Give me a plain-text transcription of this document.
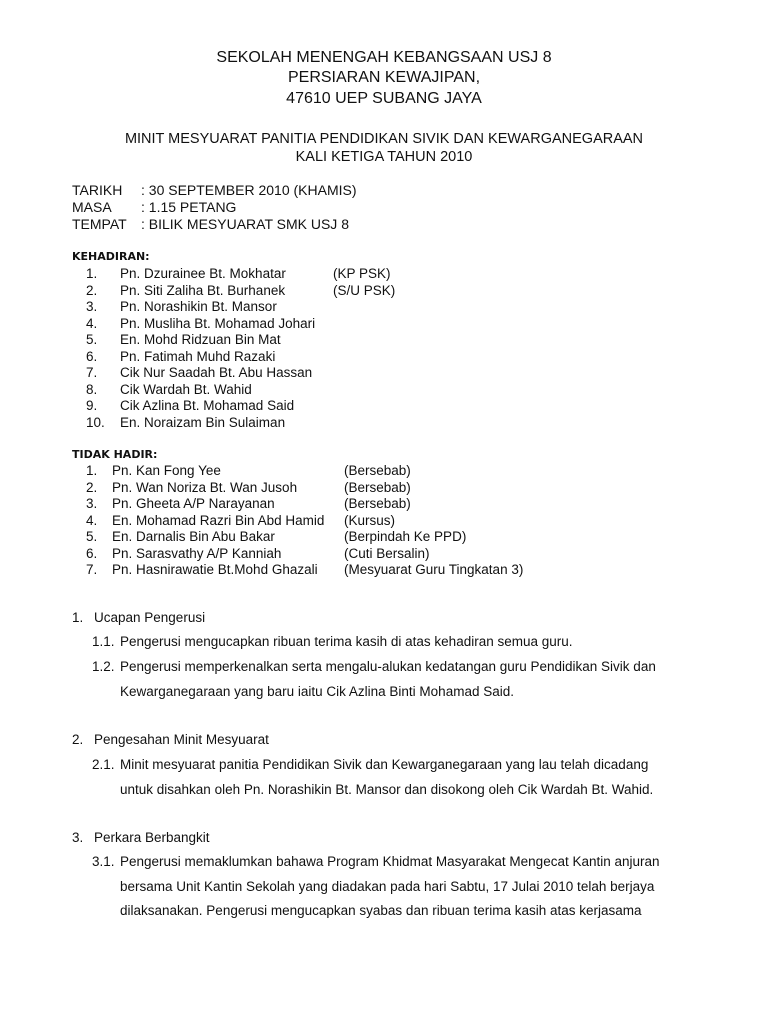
SEKOLAH MENENGAH KEBANGSAAN USJ 8
PERSIARAN KEWAJIPAN,
47610 UEP SUBANG JAYA
MINIT MESYUARAT PANITIA PENDIDIKAN SIVIK DAN KEWARGANEGARAAN
KALI KETIGA TAHUN 2010
TARIKH	: 30 SEPTEMBER 2010 (KHAMIS)
MASA	: 1.15 PETANG
TEMPAT	: BILIK MESYUARAT SMK USJ 8
KEHADIRAN:
1.	Pn. Dzurainee Bt. Mokhatar	(KP PSK)
2.	Pn. Siti Zaliha Bt. Burhanek	(S/U PSK)
3.	Pn. Norashikin Bt. Mansor
4.	Pn. Musliha Bt. Mohamad Johari
5.	En. Mohd Ridzuan Bin Mat
6.	Pn. Fatimah Muhd Razaki
7.	Cik Nur Saadah Bt. Abu Hassan
8.	Cik Wardah Bt. Wahid
9.	Cik Azlina Bt. Mohamad Said
10.	En. Noraizam Bin Sulaiman
TIDAK HADIR:
1.	Pn. Kan Fong Yee	(Bersebab)
2.	Pn. Wan Noriza Bt. Wan Jusoh	(Bersebab)
3.	Pn. Gheeta A/P Narayanan	(Bersebab)
4.	En. Mohamad Razri Bin Abd Hamid	(Kursus)
5.	En. Darnalis Bin Abu Bakar	(Berpindah Ke PPD)
6.	Pn. Sarasvathy A/P Kanniah	(Cuti Bersalin)
7.	Pn. Hasnirawatie Bt.Mohd Ghazali	(Mesyuarat Guru Tingkatan 3)
1. Ucapan Pengerusi
1.1. Pengerusi mengucapkan ribuan terima kasih di atas kehadiran semua guru.
1.2. Pengerusi memperkenalkan serta mengalu-alukan kedatangan guru Pendidikan Sivik dan
Kewarganegaraan yang baru iaitu Cik Azlina Binti Mohamad Said.
2. Pengesahan Minit Mesyuarat
2.1. Minit mesyuarat panitia Pendidikan Sivik dan Kewarganegaraan yang lau telah dicadang
untuk disahkan oleh Pn. Norashikin Bt. Mansor dan disokong oleh Cik Wardah Bt. Wahid.
3. Perkara Berbangkit
3.1. Pengerusi memaklumkan bahawa Program Khidmat Masyarakat Mengecat Kantin anjuran
bersama Unit Kantin Sekolah yang diadakan pada hari Sabtu, 17 Julai 2010 telah berjaya
dilaksanakan. Pengerusi mengucapkan syabas dan ribuan terima kasih atas kerjasama
